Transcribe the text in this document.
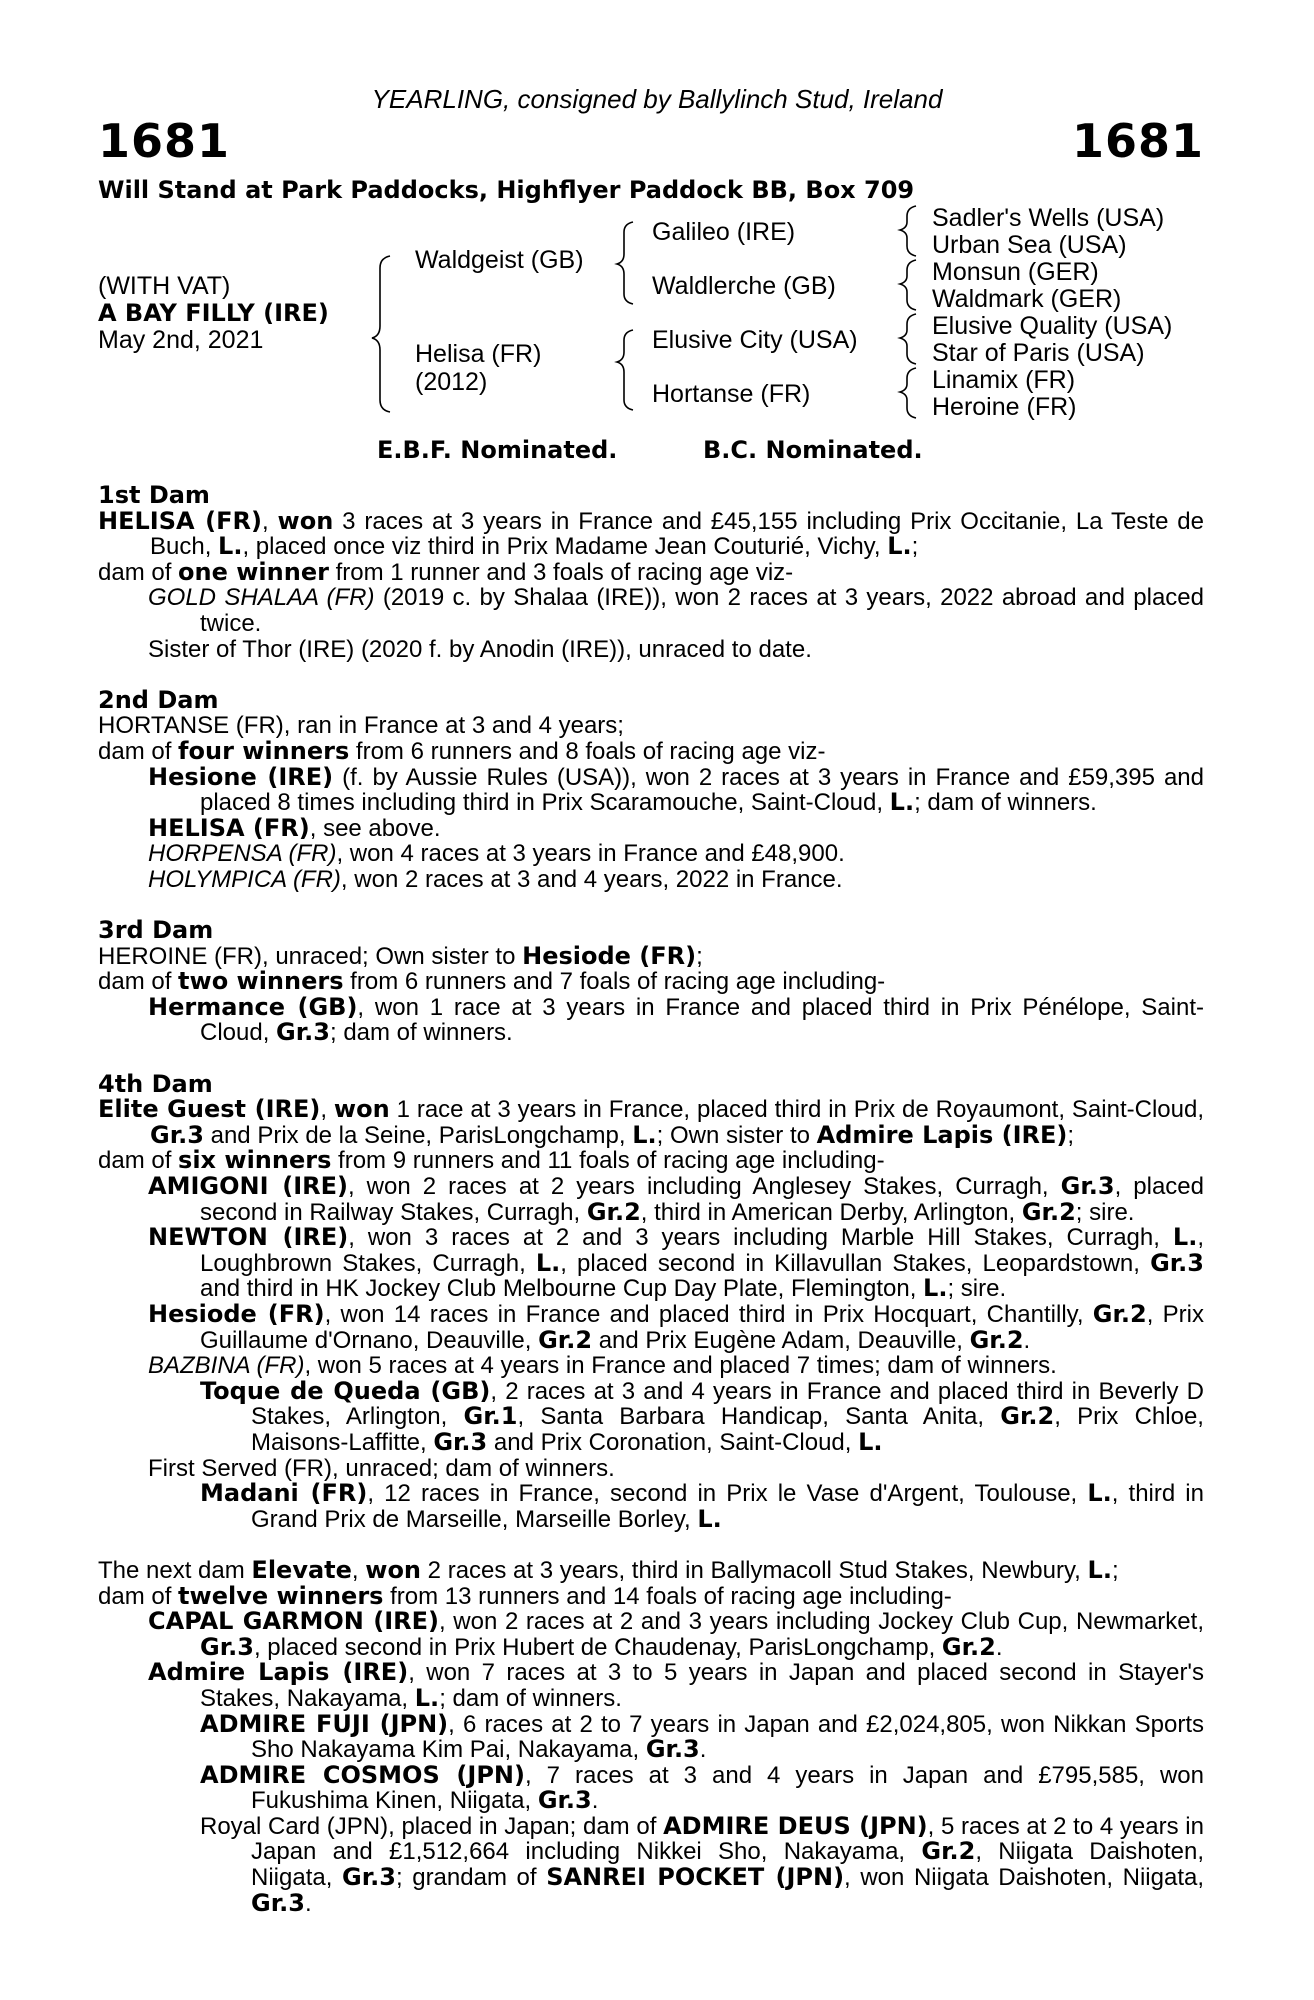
YEARLING, consigned by Ballylinch Stud, Ireland
1681	1681
Will Stand at Park Paddocks, Highflyer Paddock BB, Box 709
(WITH VAT)
A BAY FILLY (IRE)
May 2nd, 2021
Waldgeist (GB)
Helisa (FR)
(2012)
Galileo (IRE)
Waldlerche (GB)
Elusive City (USA)
Hortanse (FR)
Sadler's Wells (USA)
Urban Sea (USA)
Monsun (GER)
Waldmark (GER)
Elusive Quality (USA)
Star of Paris (USA)
Linamix (FR)
Heroine (FR)
E.B.F. Nominated.	B.C. Nominated.

1st Dam

HELISA (FR), won 3 races at 3 years in France and £45,155 including Prix Occitanie, La Teste de Buch, L., placed once viz third in Prix Madame Jean Couturié, Vichy, L.;

dam of one winner from 1 runner and 3 foals of racing age viz-

GOLD SHALAA (FR) (2019 c. by Shalaa (IRE)), won 2 races at 3 years, 2022 abroad and placed twice.

Sister of Thor (IRE) (2020 f. by Anodin (IRE)), unraced to date.

2nd Dam

HORTANSE (FR), ran in France at 3 and 4 years;

dam of four winners from 6 runners and 8 foals of racing age viz-

Hesione (IRE) (f. by Aussie Rules (USA)), won 2 races at 3 years in France and £59,395 and placed 8 times including third in Prix Scaramouche, Saint-Cloud, L.; dam of winners.

HELISA (FR), see above.

HORPENSA (FR), won 4 races at 3 years in France and £48,900.

HOLYMPICA (FR), won 2 races at 3 and 4 years, 2022 in France.

3rd Dam

HEROINE (FR), unraced; Own sister to Hesiode (FR);

dam of two winners from 6 runners and 7 foals of racing age including-

Hermance (GB), won 1 race at 3 years in France and placed third in Prix Pénélope, Saint-Cloud, Gr.3; dam of winners.

4th Dam

Elite Guest (IRE), won 1 race at 3 years in France, placed third in Prix de Royaumont, Saint-Cloud, Gr.3 and Prix de la Seine, ParisLongchamp, L.; Own sister to Admire Lapis (IRE);

dam of six winners from 9 runners and 11 foals of racing age including-

AMIGONI (IRE), won 2 races at 2 years including Anglesey Stakes, Curragh, Gr.3, placed second in Railway Stakes, Curragh, Gr.2, third in American Derby, Arlington, Gr.2; sire.

NEWTON (IRE), won 3 races at 2 and 3 years including Marble Hill Stakes, Curragh, L., Loughbrown Stakes, Curragh, L., placed second in Killavullan Stakes, Leopardstown, Gr.3 and third in HK Jockey Club Melbourne Cup Day Plate, Flemington, L.; sire.

Hesiode (FR), won 14 races in France and placed third in Prix Hocquart, Chantilly, Gr.2, Prix Guillaume d'Ornano, Deauville, Gr.2 and Prix Eugène Adam, Deauville, Gr.2.

BAZBINA (FR), won 5 races at 4 years in France and placed 7 times; dam of winners.

Toque de Queda (GB), 2 races at 3 and 4 years in France and placed third in Beverly D Stakes, Arlington, Gr.1, Santa Barbara Handicap, Santa Anita, Gr.2, Prix Chloe, Maisons-Laffitte, Gr.3 and Prix Coronation, Saint-Cloud, L.

First Served (FR), unraced; dam of winners.

Madani (FR), 12 races in France, second in Prix le Vase d'Argent, Toulouse, L., third in Grand Prix de Marseille, Marseille Borley, L.

The next dam Elevate, won 2 races at 3 years, third in Ballymacoll Stud Stakes, Newbury, L.;

dam of twelve winners from 13 runners and 14 foals of racing age including-

CAPAL GARMON (IRE), won 2 races at 2 and 3 years including Jockey Club Cup, Newmarket, Gr.3, placed second in Prix Hubert de Chaudenay, ParisLongchamp, Gr.2.

Admire Lapis (IRE), won 7 races at 3 to 5 years in Japan and placed second in Stayer's Stakes, Nakayama, L.; dam of winners.

ADMIRE FUJI (JPN), 6 races at 2 to 7 years in Japan and £2,024,805, won Nikkan Sports Sho Nakayama Kim Pai, Nakayama, Gr.3.

ADMIRE COSMOS (JPN), 7 races at 3 and 4 years in Japan and £795,585, won Fukushima Kinen, Niigata, Gr.3.

Royal Card (JPN), placed in Japan; dam of ADMIRE DEUS (JPN), 5 races at 2 to 4 years in Japan and £1,512,664 including Nikkei Sho, Nakayama, Gr.2, Niigata Daishoten, Niigata, Gr.3; grandam of SANREI POCKET (JPN), won Niigata Daishoten, Niigata, Gr.3.
